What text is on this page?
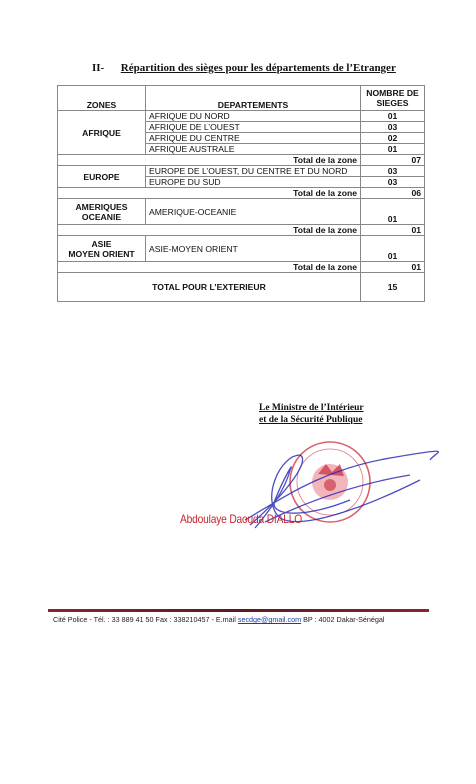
II- Répartition des sièges pour les départements de l’Etranger
ZONES	DEPARTEMENTS	NOMBRE DE
SIEGES
AFRIQUE	AFRIQUE DU NORD	01
	AFRIQUE DE L’OUEST	03
	AFRIQUE DU CENTRE	02
	AFRIQUE AUSTRALE	01
Total de la zone		07
EUROPE	EUROPE DE L’OUEST, DU CENTRE ET DU NORD	03
	EUROPE DU SUD	03
Total de la zone		06
AMERIQUES
OCEANIE	AMERIQUE-OCEANIE	01
Total de la zone		01
ASIE
MOYEN ORIENT	ASIE-MOYEN ORIENT	01
Total de la zone		01
TOTAL POUR L’EXTERIEUR		15
Le Ministre de l’Intérieur
et de la Sécurité Publique
Abdoulaye Daouda DIALLO
Cité Police - Tél. : 33 889 41 50 Fax : 338210457 - E.mail secdge@gmail.com BP : 4002 Dakar-Sénégal
